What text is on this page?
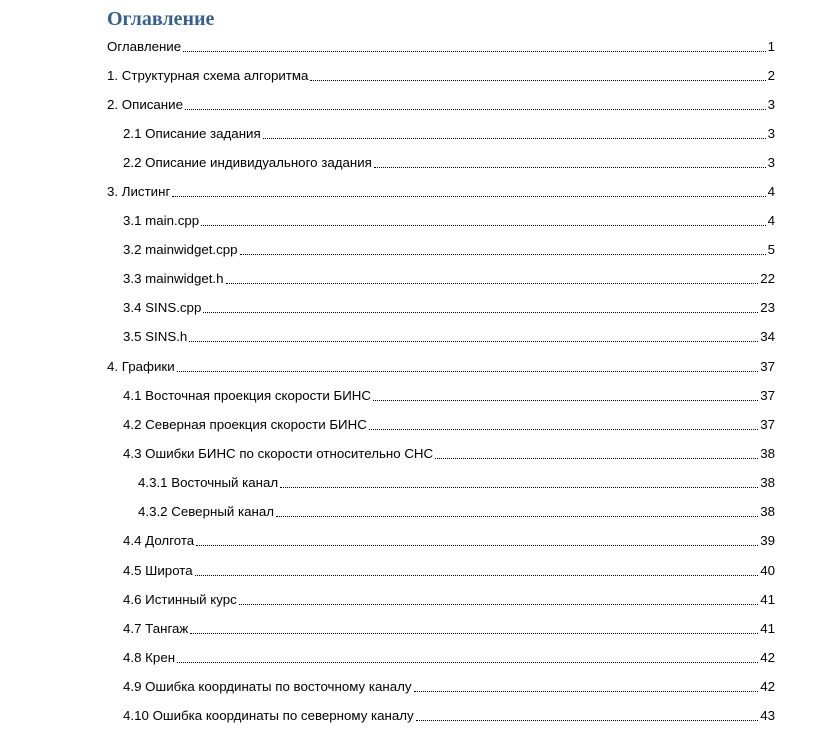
Оглавление
Оглавление	1
1. Структурная схема алгоритма	2
2. Описание	3
2.1 Описание задания	3
2.2 Описание индивидуального задания	3
3. Листинг	4
3.1 main.cpp	4
3.2 mainwidget.cpp	5
3.3 mainwidget.h	22
3.4 SINS.cpp	23
3.5 SINS.h	34
4. Графики	37
4.1 Восточная проекция скорости БИНС	37
4.2 Северная проекция скорости БИНС	37
4.3 Ошибки БИНС по скорости относительно СНС	38
4.3.1 Восточный канал	38
4.3.2 Северный канал	38
4.4 Долгота	39
4.5 Широта	40
4.6 Истинный курс	41
4.7 Тангаж	41
4.8 Крен	42
4.9 Ошибка координаты по восточному каналу	42
4.10 Ошибка координаты по северному каналу	43
